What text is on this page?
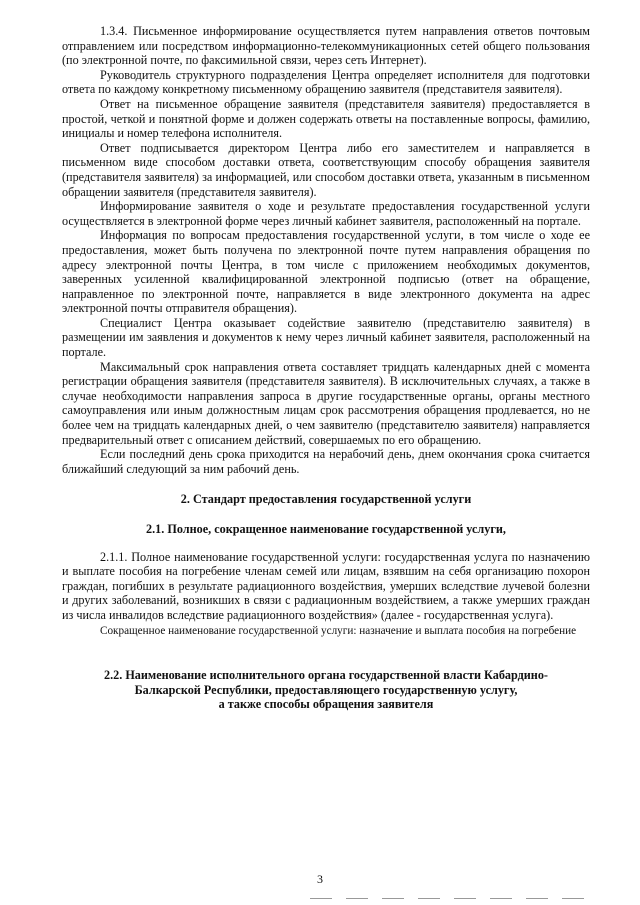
1.3.4. Письменное информирование осуществляется путем направления ответов почтовым отправлением или посредством информационно-телекоммуникационных сетей общего пользования (по электронной почте, по факсимильной связи, через сеть Интернет).

Руководитель структурного подразделения Центра определяет исполнителя для подготовки ответа по каждому конкретному письменному обращению заявителя (представителя заявителя).

Ответ на письменное обращение заявителя (представителя заявителя) предоставляется в простой, четкой и понятной форме и должен содержать ответы на поставленные вопросы, фамилию, инициалы и номер телефона исполнителя.

Ответ подписывается директором Центра либо его заместителем и направляется в письменном виде способом доставки ответа, соответствующим способу обращения заявителя (представителя заявителя) за информацией, или способом доставки ответа, указанным в письменном обращении заявителя (представителя заявителя).

Информирование заявителя о ходе и результате предоставления государственной услуги осуществляется в электронной форме через личный кабинет заявителя, расположенный на портале.

Информация по вопросам предоставления государственной услуги, в том числе о ходе ее предоставления, может быть получена по электронной почте путем направления обращения по адресу электронной почты Центра, в том числе с приложением необходимых документов, заверенных усиленной квалифицированной электронной подписью (ответ на обращение, направленное по электронной почте, направляется в виде электронного документа на адрес электронной почты отправителя обращения).

Специалист Центра оказывает содействие заявителю (представителю заявителя) в размещении им заявления и документов к нему через личный кабинет заявителя, расположенный на портале.

Максимальный срок направления ответа составляет тридцать календарных дней с момента регистрации обращения заявителя (представителя заявителя). В исключительных случаях, а также в случае необходимости направления запроса в другие государственные органы, органы местного самоуправления или иным должностным лицам срок рассмотрения обращения продлевается, но не более чем на тридцать календарных дней, о чем заявителю (представителю заявителя) направляется предварительный ответ с описанием действий, совершаемых по его обращению.

Если последний день срока приходится на нерабочий день, днем окончания срока считается ближайший следующий за ним рабочий день.

2. Стандарт предоставления государственной услуги

2.1. Полное, сокращенное наименование государственной услуги,

2.1.1. Полное наименование государственной услуги: государственная услуга по назначению и выплате пособия на погребение членам семей или лицам, взявшим на себя организацию похорон граждан, погибших в результате радиационного воздействия, умерших вследствие лучевой болезни и других заболеваний, возникших в связи с радиационным воздействием, а также умерших граждан из числа инвалидов вследствие радиационного воздействия» (далее - государственная услуга).

Сокращенное наименование государственной услуги: назначение и выплата пособия на погребение

2.2. Наименование исполнительного органа государственной власти Кабардино-
Балкарской Республики, предоставляющего государственную услугу,
а также способы обращения заявителя

3
